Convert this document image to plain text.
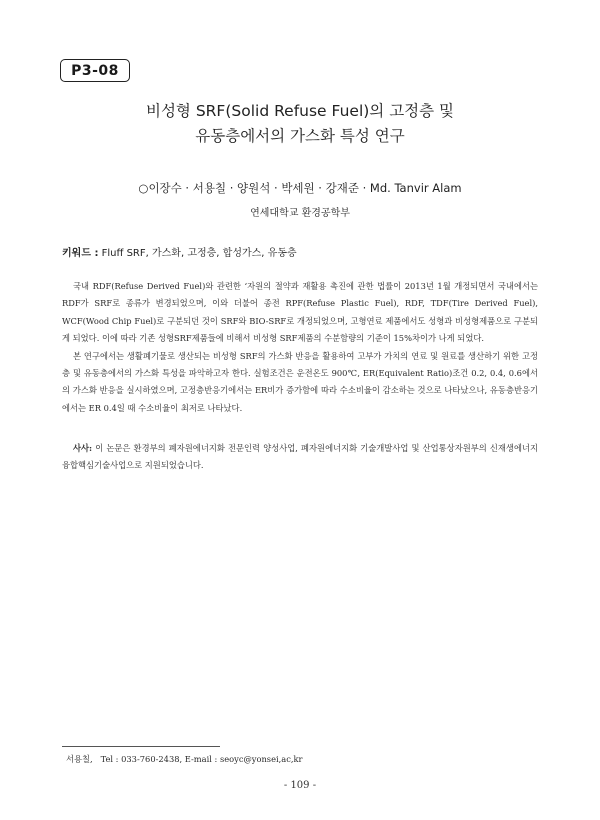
P3-08
비성형 SRF(Solid Refuse Fuel)의 고정층 및
유동층에서의 가스화 특성 연구
○이장수 · 서용칠 · 양원석 · 박세원 · 강재준 · Md. Tanvir Alam
연세대학교 환경공학부
키워드 : Fluff SRF, 가스화, 고정층, 합성가스, 유동층

국내 RDF(Refuse Derived Fuel)와 관련한 ‘자원의 절약과 재활용 촉진에 관한 법률이 2013년 1월 개정되면서 국내에서는 RDF가 SRF로 종류가 변경되었으며, 이와 더불어 종전 RPF(Refuse Plastic Fuel), RDF, TDF(Tire Derived Fuel), WCF(Wood Chip Fuel)로 구분되던 것이 SRF와 BIO-SRF로 개정되었으며, 고형연료 제품에서도 성형과 비성형제품으로 구분되게 되었다. 이에 따라 기존 성형SRF제품들에 비해서 비성형 SRF제품의 수분함량의 기준이 15%차이가 나게 되었다.

본 연구에서는 생활폐기물로 생산되는 비성형 SRF의 가스화 반응을 활용하여 고부가 가치의 연료 및 원료를 생산하기 위한 고정층 및 유동층에서의 가스화 특성을 파악하고자 한다. 실험조건은 운전온도 900℃, ER(Equivalent Ratio)조건 0.2, 0.4, 0.6에서의 가스화 반응을 실시하였으며, 고정층반응기에서는 ER비가 증가함에 따라 수소비율이 감소하는 것으로 나타났으나, 유동층반응기에서는 ER 0.4일 때 수소비율이 최저로 나타났다.

사사: 이 논문은 환경부의 폐자원에너지화 전문인력 양성사업, 폐자원에너지화 기술개발사업 및 산업통상자원부의 신재생에너지융합핵심기술사업으로 지원되었습니다.
서용칠,   Tel : 033-760-2438, E-mail : seoyc@yonsei,ac,kr
- 109 -
